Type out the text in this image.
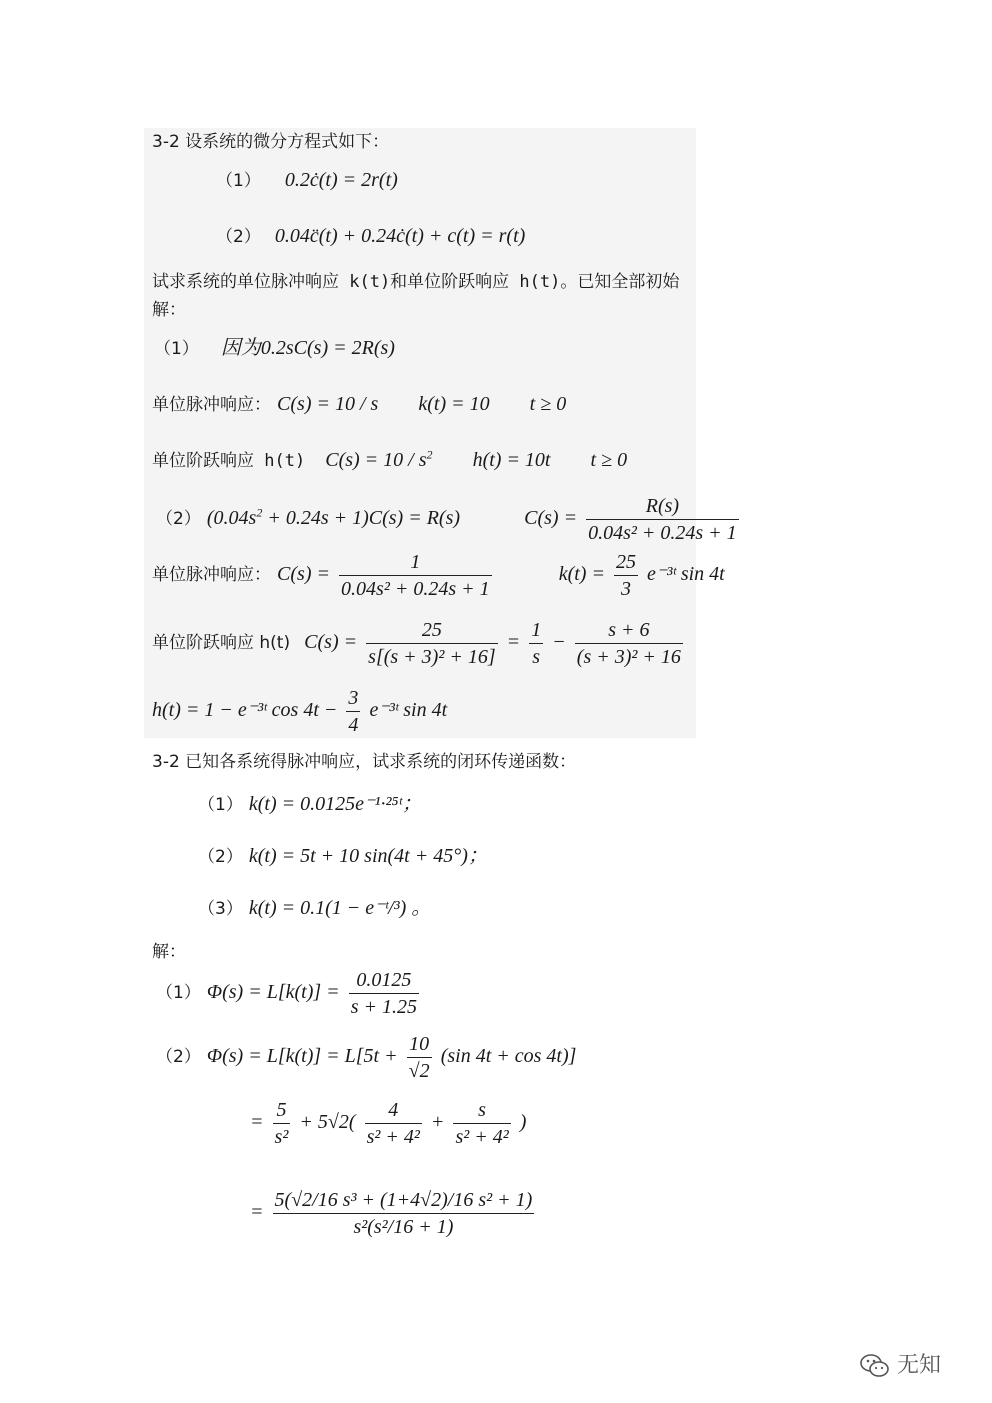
3-2 设系统的微分方程式如下：
（1） 0.2ċ(t) = 2r(t)
（2） 0.04c̈(t) + 0.24ċ(t) + c(t) = r(t)
试求系统的单位脉冲响应 k(t)和单位阶跃响应 h(t)。已知全部初始
解：
（1） 因为0.2sC(s) = 2R(s)
单位脉冲响应： C(s) = 10 / s k(t) = 10 t ≥ 0
单位阶跃响应 h(t) $C(s) = 10 / s^2$ h(t) = 10t t ≥ 0
（2） $(0.04s^2 + 0.24s + 1)C(s) = R(s)$	$C(s) = \frac{R(s)}{\text{0.04s² + 0.24s + 1}}$
单位脉冲响应： $C(s) = \frac{1}{\text{0.04s² + 0.24s + 1}}$	$k(t) = \frac{25}{3}$ e⁻³ᵗ sin 4t
单位阶跃响应 h(t) $C(s) = \frac{25}{\text{s[(s + 3)² + 16]}} = \frac{1}{s} - \frac{s + 6}{\text{(s + 3)² + 16}}$
h(t) = 1 − e⁻³ᵗ $\cos 4t - \frac{3}{4}$ e⁻³ᵗ sin 4t
3-2 已知各系统得脉冲响应，试求系统的闭环传递函数：
（1） k(t) = 0.0125e⁻¹·²⁵ᵗ；
（2） k(t) = 5t + 10 sin(4t + 45°)；
（3） k(t) = 0.1(1 − e⁻ᵗ/³) 。
解：
（1） $\Phi(s) = L[k(t)] = \frac{0.0125}{s + 1.25}$
（2） $\Phi(s) = L[k(t)] = L[5t + \frac{10}{√2} (\sin$ 4t + cos 4t)]
= $\frac{5}{\text{s²}} + 5√2( \frac{4}{\text{s² + 4²}} + \frac{s}{\text{s² + 4²}}$ )
= $\frac{\text{5(√2/16 s³ + (1+4√2)/16 s² + 1)}}{\text{s²(s²/16 + 1)}}$
无知
